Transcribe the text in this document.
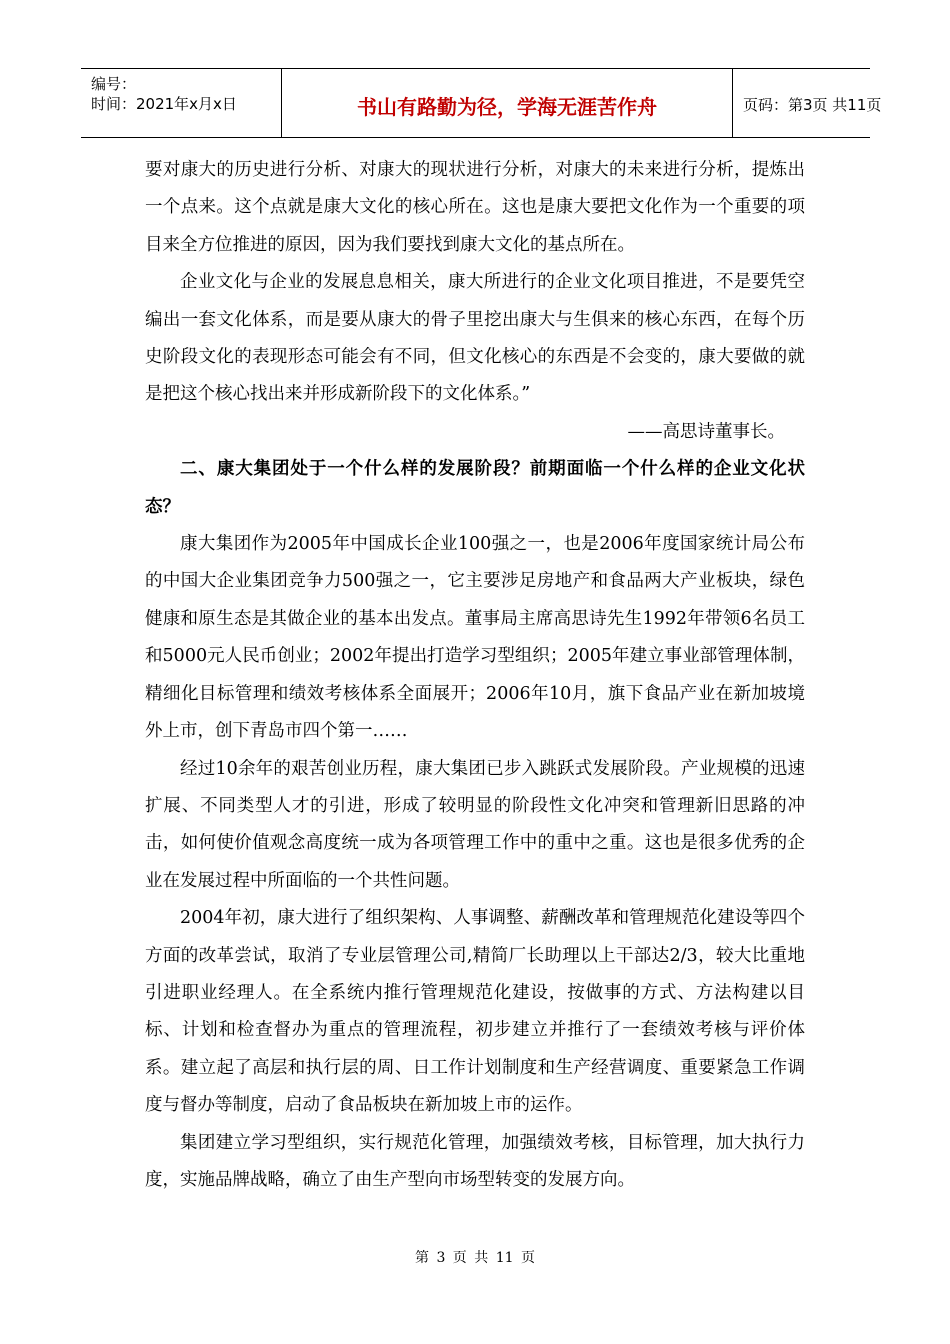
编号：
时间：2021年x月x日	书山有路勤为径，学海无涯苦作舟	页码：第3页 共11页

要对康大的历史进行分析、对康大的现状进行分析，对康大的未来进行分析，提炼出一个点来。这个点就是康大文化的核心所在。这也是康大要把文化作为一个重要的项目来全方位推进的原因，因为我们要找到康大文化的基点所在。

企业文化与企业的发展息息相关，康大所进行的企业文化项目推进，不是要凭空编出一套文化体系，而是要从康大的骨子里挖出康大与生俱来的核心东西，在每个历史阶段文化的表现形态可能会有不同，但文化核心的东西是不会变的，康大要做的就是把这个核心找出来并形成新阶段下的文化体系。”

——高思诗董事长。

二、康大集团处于一个什么样的发展阶段？前期面临一个什么样的企业文化状态？

康大集团作为2005年中国成长企业100强之一，也是2006年度国家统计局公布的中国大企业集团竞争力500强之一，它主要涉足房地产和食品两大产业板块，绿色健康和原生态是其做企业的基本出发点。董事局主席高思诗先生1992年带领6名员工和5000元人民币创业；2002年提出打造学习型组织；2005年建立事业部管理体制，精细化目标管理和绩效考核体系全面展开；2006年10月，旗下食品产业在新加坡境外上市，创下青岛市四个第一……

经过10余年的艰苦创业历程，康大集团已步入跳跃式发展阶段。产业规模的迅速扩展、不同类型人才的引进，形成了较明显的阶段性文化冲突和管理新旧思路的冲击，如何使价值观念高度统一成为各项管理工作中的重中之重。这也是很多优秀的企业在发展过程中所面临的一个共性问题。

2004年初，康大进行了组织架构、人事调整、薪酬改革和管理规范化建设等四个方面的改革尝试，取消了专业层管理公司,精简厂长助理以上干部达2/3，较大比重地引进职业经理人。在全系统内推行管理规范化建设，按做事的方式、方法构建以目标、计划和检查督办为重点的管理流程，初步建立并推行了一套绩效考核与评价体系。建立起了高层和执行层的周、日工作计划制度和生产经营调度、重要紧急工作调度与督办等制度，启动了食品板块在新加坡上市的运作。

集团建立学习型组织，实行规范化管理，加强绩效考核，目标管理，加大执行力度，实施品牌战略，确立了由生产型向市场型转变的发展方向。

第 3 页 共 11 页
